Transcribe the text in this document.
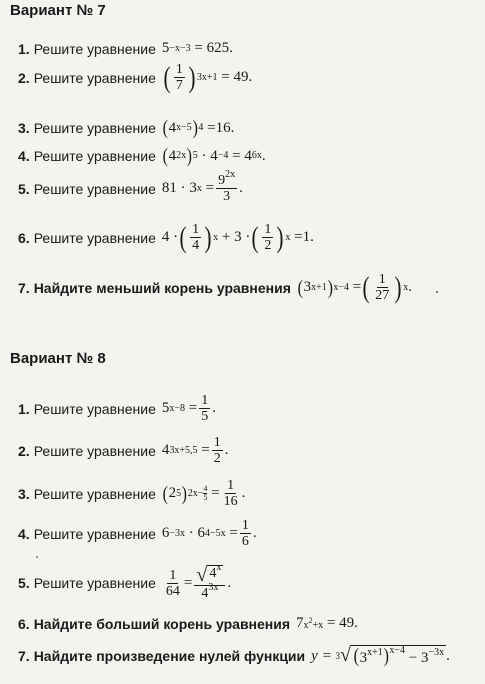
Вариант № 7
1. Решите уравнение 5 −x−3
= 625.
2. Решите уравнение ( $\frac{1}{7}$ ) 3x+1
= 49.
3. Решите уравнение ( 4 x−5 ) 4
=16.
4. Решите уравнение ( 4 2x ) 5
· 4 −4
= 4 6x .
5. Решите уравнение 81 · 3 x
= $\frac{9^{2x}}{3}$ .
6. Решите уравнение 4 · ( $\frac{1}{4}$ ) x
+ 3 · ( $\frac{1}{2}$ ) x
=1.
7. Найдите меньший корень уравнения ( 3 x+1 ) x−4
= ( $\frac{1}{27}$ ) x .
Вариант № 8
1. Решите уравнение 5 x−8
= $\frac{1}{5}$ .
2. Решите уравнение 4 3x+5,5
= $\frac{1}{2}$ .
3. Решите уравнение ( 2 5 ) $2x- \frac{4}{5}$
= $\frac{1}{16}$ .
4. Решите уравнение 6 −3x
· 6 4−5x
= $\frac{1}{6}$ .
5. Решите уравнение $\frac{1}{64} = \frac{√ 4^x}{4^{3x}}$ .
6. Найдите больший корень уравнения 7 $x^2+x$
= 49.
7. Найдите произведение нулей функции y =
3 √ $(3^{x+1})^{x-4} - 3^{-3x}$ .
